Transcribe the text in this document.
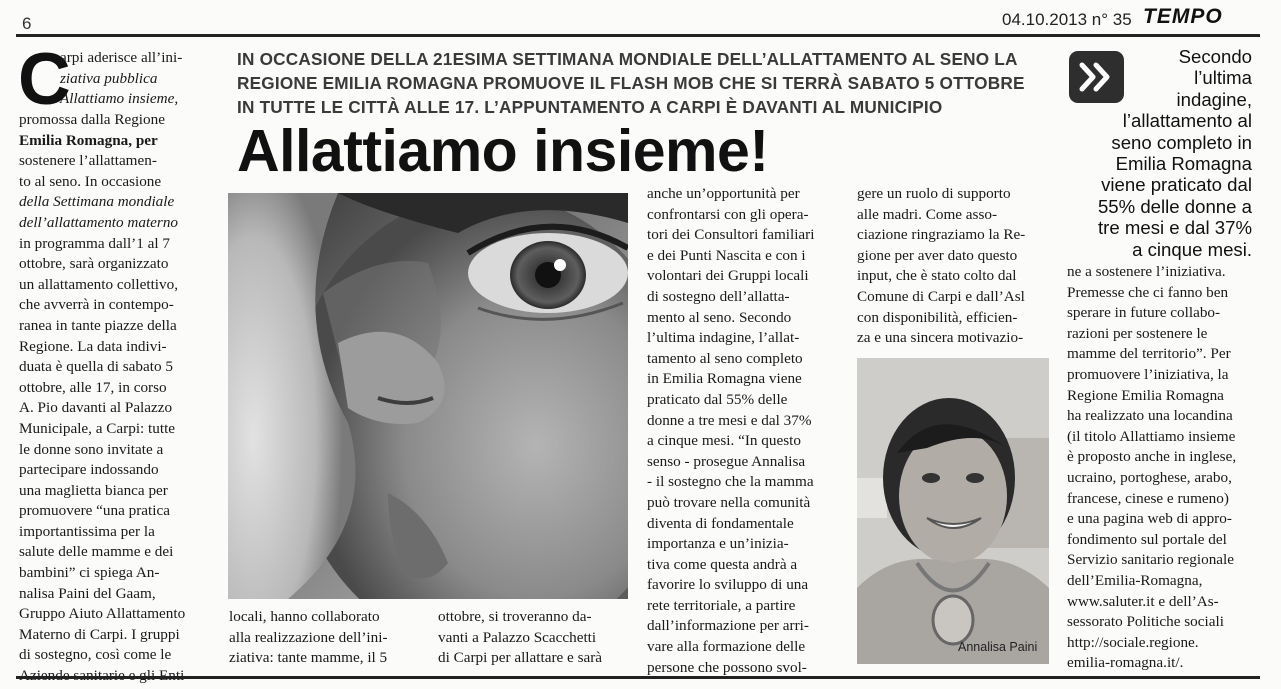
6	04.10.2013 n° 35 TEMPO
IN OCCASIONE DELLA 21ESIMA SETTIMANA MONDIALE DELL’ALLATTAMENTO AL SENO LA
REGIONE EMILIA ROMAGNA PROMUOVE IL FLASH MOB CHE SI TERRÀ SABATO 5 OTTOBRE
IN TUTTE LE CITTÀ ALLE 17. L’APPUNTAMENTO A CARPI È DAVANTI AL MUNICIPIO
Allattiamo insieme!
C
arpi aderisce all’ini-
ziativa pubblica
Allattiamo insieme,
promossa dalla Regione
Emilia Romagna, per
sostenere l’allattamen-
to al seno. In occasione
della Settimana mondiale
dell’allattamento materno
in programma dall’1 al 7
ottobre, sarà organizzato
un allattamento collettivo,
che avverrà in contempo-
ranea in tante piazze della
Regione. La data indivi-
duata è quella di sabato 5
ottobre, alle 17, in corso
A. Pio davanti al Palazzo
Municipale, a Carpi: tutte
le donne sono invitate a
partecipare indossando
una maglietta bianca per
promuovere “una pratica
importantissima per la
salute delle mamme e dei
bambini” ci spiega An-
nalisa Paini del Gaam,
Gruppo Aiuto Allattamento
Materno di Carpi. I gruppi
di sostegno, così come le
locali, hanno collaborato
alla realizzazione dell’ini-
ziativa: tante mamme, il 5
ottobre, si troveranno da-
vanti a Palazzo Scacchetti
di Carpi per allattare e sarà
anche un’opportunità per
confrontarsi con gli opera-
tori dei Consultori familiari
e dei Punti Nascita e con i
volontari dei Gruppi locali
di sostegno dell’allatta-
mento al seno. Secondo
l’ultima indagine, l’allat-
tamento al seno completo
in Emilia Romagna viene
praticato dal 55% delle
donne a tre mesi e dal 37%
a cinque mesi. “In questo
senso - prosegue Annalisa
- il sostegno che la mamma
può trovare nella comunità
diventa di fondamentale
importanza e un’inizia-
tiva come questa andrà a
favorire lo sviluppo di una
rete territoriale, a partire
dall’informazione per arri-
vare alla formazione delle
persone che possono svol-
gere un ruolo di supporto
alle madri. Come asso-
ciazione ringraziamo la Re-
gione per aver dato questo
input, che è stato colto dal
Comune di Carpi e dall’Asl
con disponibilità, efficien-
za e una sincera motivazio-
Annalisa Paini
Secondo
l’ultima
indagine,
l’allattamento al
seno completo in
Emilia Romagna
viene praticato dal
55% delle donne a
tre mesi e dal 37%
a cinque mesi.
ne a sostenere l’iniziativa.
Premesse che ci fanno ben
sperare in future collabo-
razioni per sostenere le
mamme del territorio”. Per
promuovere l’iniziativa, la
Regione Emilia Romagna
ha realizzato una locandina
(il titolo Allattiamo insieme
è proposto anche in inglese,
ucraino, portoghese, arabo,
francese, cinese e rumeno)
e una pagina web di appro-
fondimento sul portale del
Servizio sanitario regionale
dell’Emilia-Romagna,
www.saluter.it e dell’As-
sessorato Politiche sociali
http://sociale.regione.
emilia-romagna.it/.
